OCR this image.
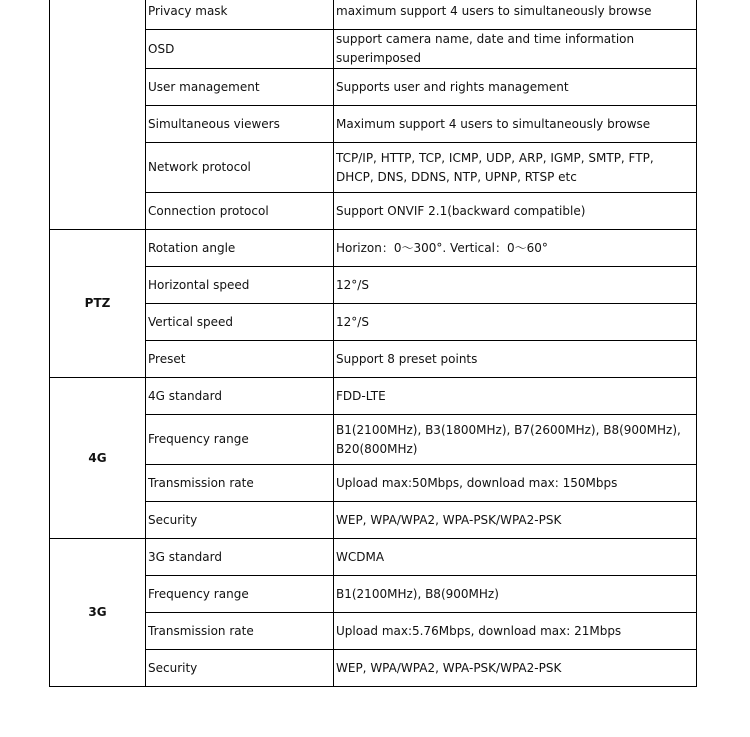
	Privacy mask	maximum support 4 users to simultaneously browse
	OSD	support camera name, date and time information superimposed
	User management	Supports user and rights management
	Simultaneous viewers	Maximum support 4 users to simultaneously browse
	Network protocol	TCP/IP, HTTP, TCP, ICMP, UDP, ARP, IGMP, SMTP, FTP, DHCP, DNS, DDNS, NTP, UPNP, RTSP etc
	Connection protocol	Support ONVIF 2.1(backward compatible)
PTZ	Rotation angle	Horizon：0～300°. Vertical：0～60°
	Horizontal speed	12°/S
	Vertical speed	12°/S
	Preset	Support 8 preset points
4G	4G standard	FDD-LTE
	Frequency range	B1(2100MHz), B3(1800MHz), B7(2600MHz), B8(900MHz), B20(800MHz)
	Transmission rate	Upload max:50Mbps, download max: 150Mbps
	Security	WEP, WPA/WPA2, WPA-PSK/WPA2-PSK
3G	3G standard	WCDMA
	Frequency range	B1(2100MHz), B8(900MHz)
	Transmission rate	Upload max:5.76Mbps, download max: 21Mbps
	Security	WEP, WPA/WPA2, WPA-PSK/WPA2-PSK
